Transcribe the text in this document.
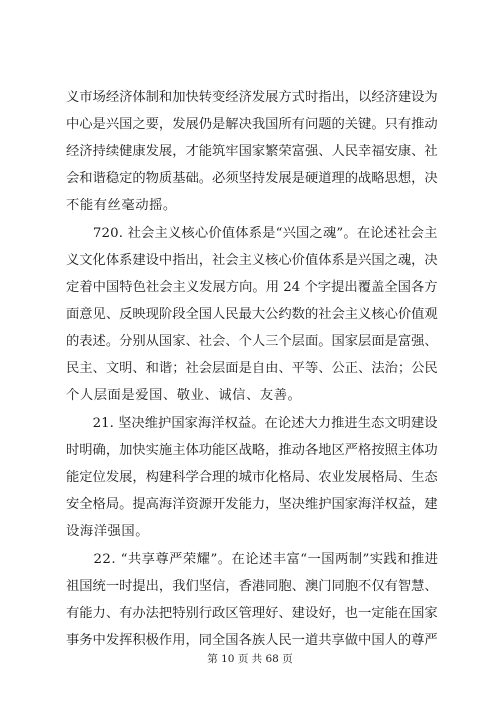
义市场经济体制和加快转变经济发展方式时指出，以经济建设为
中心是兴国之要，发展仍是解决我国所有问题的关键。只有推动
经济持续健康发展，才能筑牢国家繁荣富强、人民幸福安康、社
会和谐稳定的物质基础。必须坚持发展是硬道理的战略思想，决
不能有丝毫动摇。
　　720. 社会主义核心价值体系是“兴国之魂”。在论述社会主
义文化体系建设中指出，社会主义核心价值体系是兴国之魂，决
定着中国特色社会主义发展方向。用 24 个字提出覆盖全国各方
面意见、反映现阶段全国人民最大公约数的社会主义核心价值观
的表述。分别从国家、社会、个人三个层面。国家层面是富强、
民主、文明、和谐；社会层面是自由、平等、公正、法治；公民
个人层面是爱国、敬业、诚信、友善。
　　21. 坚决维护国家海洋权益。在论述大力推进生态文明建设
时明确，加快实施主体功能区战略，推动各地区严格按照主体功
能定位发展，构建科学合理的城市化格局、农业发展格局、生态
安全格局。提高海洋资源开发能力，坚决维护国家海洋权益，建
设海洋强国。
　　22. “共享尊严荣耀”。在论述丰富“一国两制”实践和推进
祖国统一时提出，我们坚信，香港同胞、澳门同胞不仅有智慧、
有能力、有办法把特别行政区管理好、建设好，也一定能在国家
事务中发挥积极作用，同全国各族人民一道共享做中国人的尊严
第 10 页 共 68 页
